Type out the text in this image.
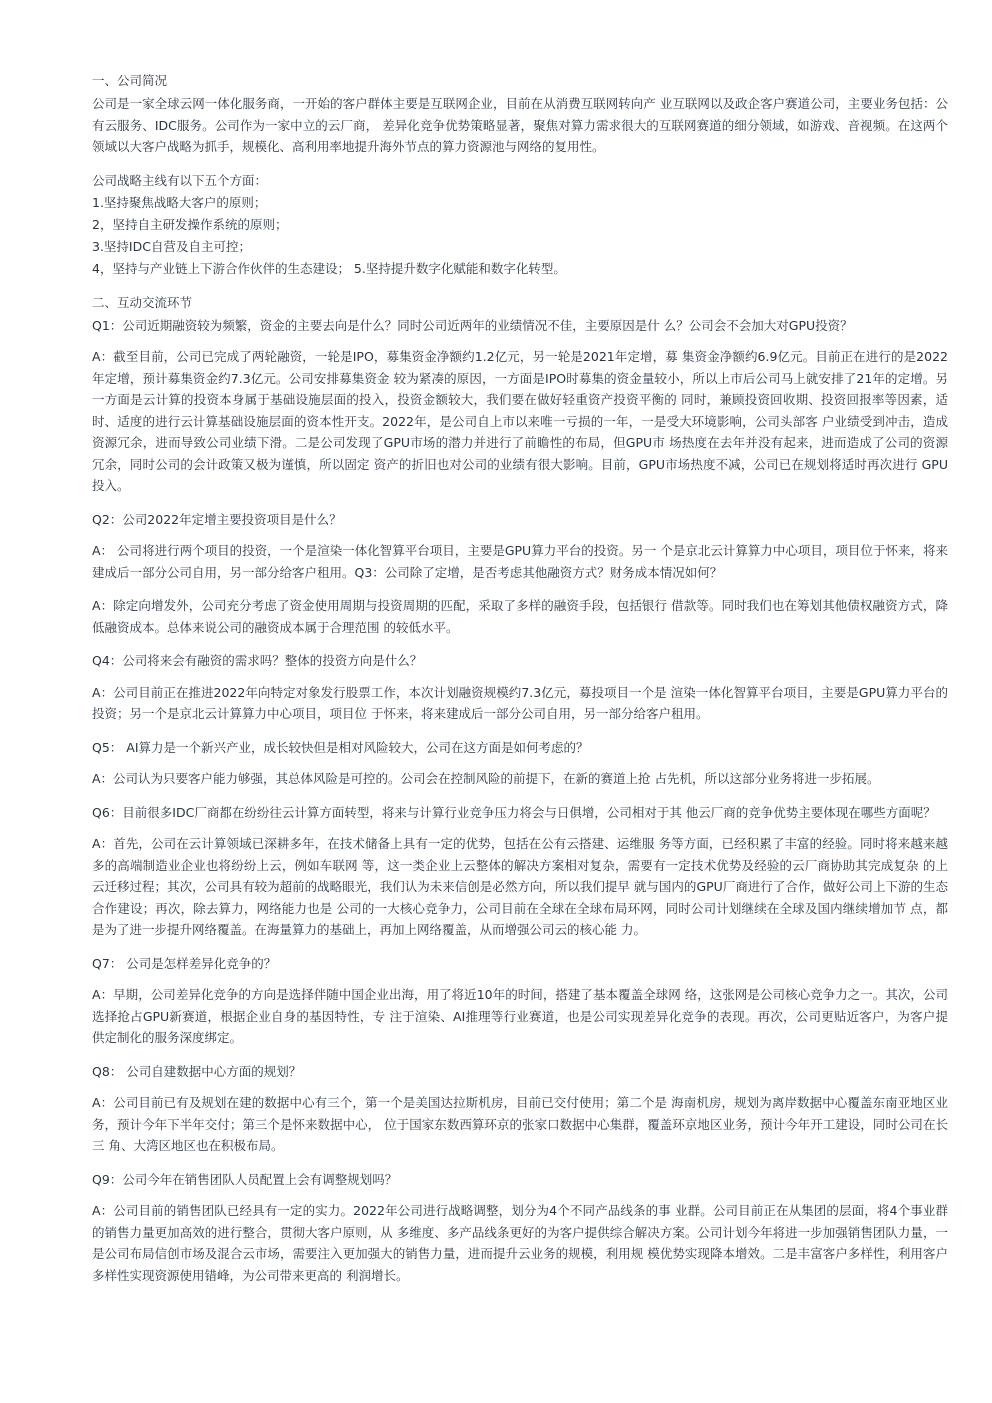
一、公司简况
公司是一家全球云网一体化服务商，一开始的客户群体主要是互联网企业，目前在从消费互联网转向产 业互联网以及政企客户赛道公司，主要业务包括：公有云服务、IDC服务。公司作为一家中立的云厂商， 差异化竞争优势策略显著，聚焦对算力需求很大的互联网赛道的细分领域，如游戏、音视频。在这两个 领域以大客户战略为抓手，规模化、高利用率地提升海外节点的算力资源池与网络的复用性。
公司战略主线有以下五个方面：
1.坚持聚焦战略大客户的原则；
2，坚持自主研发操作系统的原则；
3.坚持IDC自营及自主可控；
4，坚持与产业链上下游合作伙伴的生态建设； 5.坚持提升数字化赋能和数字化转型。
二、互动交流环节
Q1：公司近期融资较为频繁，资金的主要去向是什么？同时公司近两年的业绩情况不佳，主要原因是什 么？公司会不会加大对GPU投资？
A：截至目前，公司已完成了两轮融资，一轮是IPO，募集资金净额约1.2亿元，另一轮是2021年定增，募 集资金净额约6.9亿元。目前正在进行的是2022年定增，预计募集资金约7.3亿元。公司安排募集资金 较为紧凑的原因，一方面是IPO时募集的资金量较小，所以上市后公司马上就安排了21年的定增。另 一方面是云计算的投资本身属于基础设施层面的投入，投资金额较大，我们要在做好轻重资产投资平衡的 同时，兼顾投资回收期、投资回报率等因素，适时、适度的进行云计算基础设施层面的资本性开支。2022年，是公司自上市以来唯一亏损的一年，一是受大环境影响，公司头部客 户业绩受到冲击，造成 资源冗余，进而导致公司业绩下滑。二是公司发现了GPU市场的潜力并进行了前瞻性的布局，但GPU市 场热度在去年并没有起来，进而造成了公司的资源冗余，同时公司的会计政策又极为谨慎，所以固定 资产的折旧也对公司的业绩有很大影响。目前，GPU市场热度不减，公司已在规划将适时再次进行 GPU投入。
Q2：公司2022年定增主要投资项目是什么？
A： 公司将进行两个项目的投资，一个是渲染一体化智算平台项目，主要是GPU算力平台的投资。另一 个是京北云计算算力中心项目，项目位于怀来，将来建成后一部分公司自用，另一部分给客户租用。Q3：公司除了定增，是否考虑其他融资方式？财务成本情况如何？
A：除定向增发外，公司充分考虑了资金使用周期与投资周期的匹配，采取了多样的融资手段，包括银行 借款等。同时我们也在筹划其他债权融资方式，降低融资成本。总体来说公司的融资成本属于合理范围 的较低水平。
Q4：公司将来会有融资的需求吗？整体的投资方向是什么？
A：公司目前正在推进2022年向特定对象发行股票工作，本次计划融资规模约7.3亿元，募投项目一个是 渲染一体化智算平台项目，主要是GPU算力平台的投资；另一个是京北云计算算力中心项目，项目位 于怀来，将来建成后一部分公司自用，另一部分给客户租用。
Q5： AI算力是一个新兴产业，成长较快但是相对风险较大，公司在这方面是如何考虑的？
A：公司认为只要客户能力够强，其总体风险是可控的。公司会在控制风险的前提下，在新的赛道上抢 占先机，所以这部分业务将进一步拓展。
Q6：目前很多IDC厂商都在纷纷往云计算方面转型，将来与计算行业竞争压力将会与日俱增，公司相对于其 他云厂商的竞争优势主要体现在哪些方面呢？
A：首先，公司在云计算领域已深耕多年，在技术储备上具有一定的优势，包括在公有云搭建、运维服 务等方面，已经积累了丰富的经验。同时将来越来越多的高端制造业企业也将纷纷上云，例如车联网 等，这一类企业上云整体的解决方案相对复杂，需要有一定技术优势及经验的云厂商协助其完成复杂 的上云迁移过程；其次，公司具有较为超前的战略眼光，我们认为未来信创是必然方向，所以我们提早 就与国内的GPU厂商进行了合作，做好公司上下游的生态合作建设；再次，除去算力，网络能力也是 公司的一大核心竞争力，公司目前在全球在全球布局环网，同时公司计划继续在全球及国内继续增加节 点，都是为了进一步提升网络覆盖。在海量算力的基础上，再加上网络覆盖，从而增强公司云的核心能 力。
Q7： 公司是怎样差异化竞争的？
A：早期，公司差异化竞争的方向是选择伴随中国企业出海，用了将近10年的时间，搭建了基本覆盖全球网 络，这张网是公司核心竞争力之一。其次，公司选择抢占GPU新赛道，根据企业自身的基因特性，专 注于渲染、AI推理等行业赛道，也是公司实现差异化竞争的表现。再次，公司更贴近客户，为客户提 供定制化的服务深度绑定。
Q8： 公司自建数据中心方面的规划？
A：公司目前已有及规划在建的数据中心有三个，第一个是美国达拉斯机房，目前已交付使用；第二个是 海南机房，规划为离岸数据中心覆盖东南亚地区业务，预计今年下半年交付；第三个是怀来数据中心， 位于国家东数西算环京的张家口数据中心集群，覆盖环京地区业务，预计今年开工建设，同时公司在长三 角、大湾区地区也在积极布局。
Q9：公司今年在销售团队人员配置上会有调整规划吗？
A：公司目前的销售团队已经具有一定的实力。2022年公司进行战略调整，划分为4个不同产品线条的事 业群。公司目前正在从集团的层面，将4个事业群的销售力量更加高效的进行整合，贯彻大客户原则，从 多维度、多产品线条更好的为客户提供综合解决方案。公司计划今年将进一步加强销售团队力量，一 是公司布局信创市场及混合云市场，需要注入更加强大的销售力量，进而提升云业务的规模，利用规 模优势实现降本增效。二是丰富客户多样性，利用客户多样性实现资源使用错峰，为公司带来更高的 利润增长。
